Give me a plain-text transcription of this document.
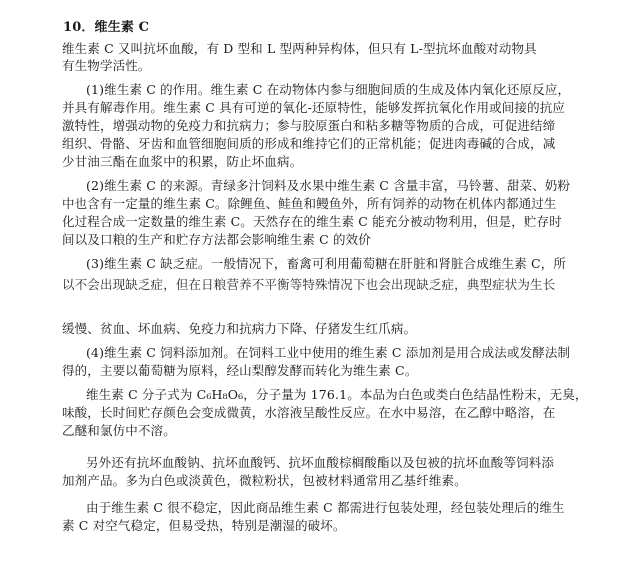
10．维生素 C
维生素 C 又叫抗坏血酸，有 D 型和 L 型两种异构体，但只有 L-型抗坏血酸对动物具
有生物学活性。
(1)维生素 C 的作用。维生素 C 在动物体内参与细胞间质的生成及体内氧化还原反应，
并具有解毒作用。维生素 C 具有可逆的氧化-还原特性，能够发挥抗氧化作用或间接的抗应
激特性，增强动物的免疫力和抗病力；参与胶原蛋白和粘多糖等物质的合成，可促进结缔
组织、骨骼、牙齿和血管细胞间质的形成和维持它们的正常机能；促进肉毒碱的合成，减
少甘油三酯在血浆中的积累，防止坏血病。
(2)维生素 C 的来源。青绿多汁饲料及水果中维生素 C 含量丰富，马铃薯、甜菜、奶粉
中也含有一定量的维生素 C。除鲤鱼、鲑鱼和鳗鱼外，所有饲养的动物在机体内都通过生
化过程合成一定数量的维生素 C。天然存在的维生素 C 能充分被动物利用，但是，贮存时
间以及口粮的生产和贮存方法都会影响维生素 C 的效价
(3)维生素 C 缺乏症。一般情况下，畜禽可利用葡萄糖在肝脏和肾脏合成维生素 C，所
以不会出现缺乏症，但在日粮营养不平衡等特殊情况下也会出现缺乏症，典型症状为生长
缓慢、贫血、坏血病、免疫力和抗病力下降、仔猪发生红爪病。
(4)维生素 C 饲料添加剂。在饲料工业中使用的维生素 C 添加剂是用合成法或发酵法制
得的，主要以葡萄糖为原料，经山梨醇发酵而转化为维生素 C。
维生素 C 分子式为 C₆H₈O₆，分子量为 176.1。本品为白色或类白色结晶性粉末，无臭，
味酸，长时间贮存颜色会变成微黄，水溶液呈酸性反应。在水中易溶，在乙醇中略溶，在
乙醚和氯仿中不溶。
另外还有抗坏血酸钠、抗坏血酸钙、抗坏血酸棕榈酸酯以及包被的抗坏血酸等饲料添
加剂产品。多为白色或淡黄色，微粒粉状，包被材料通常用乙基纤维素。
由于维生素 C 很不稳定，因此商品维生素 C 都需进行包装处理，经包装处理后的维生
素 C 对空气稳定，但易受热，特别是潮湿的破坏。
